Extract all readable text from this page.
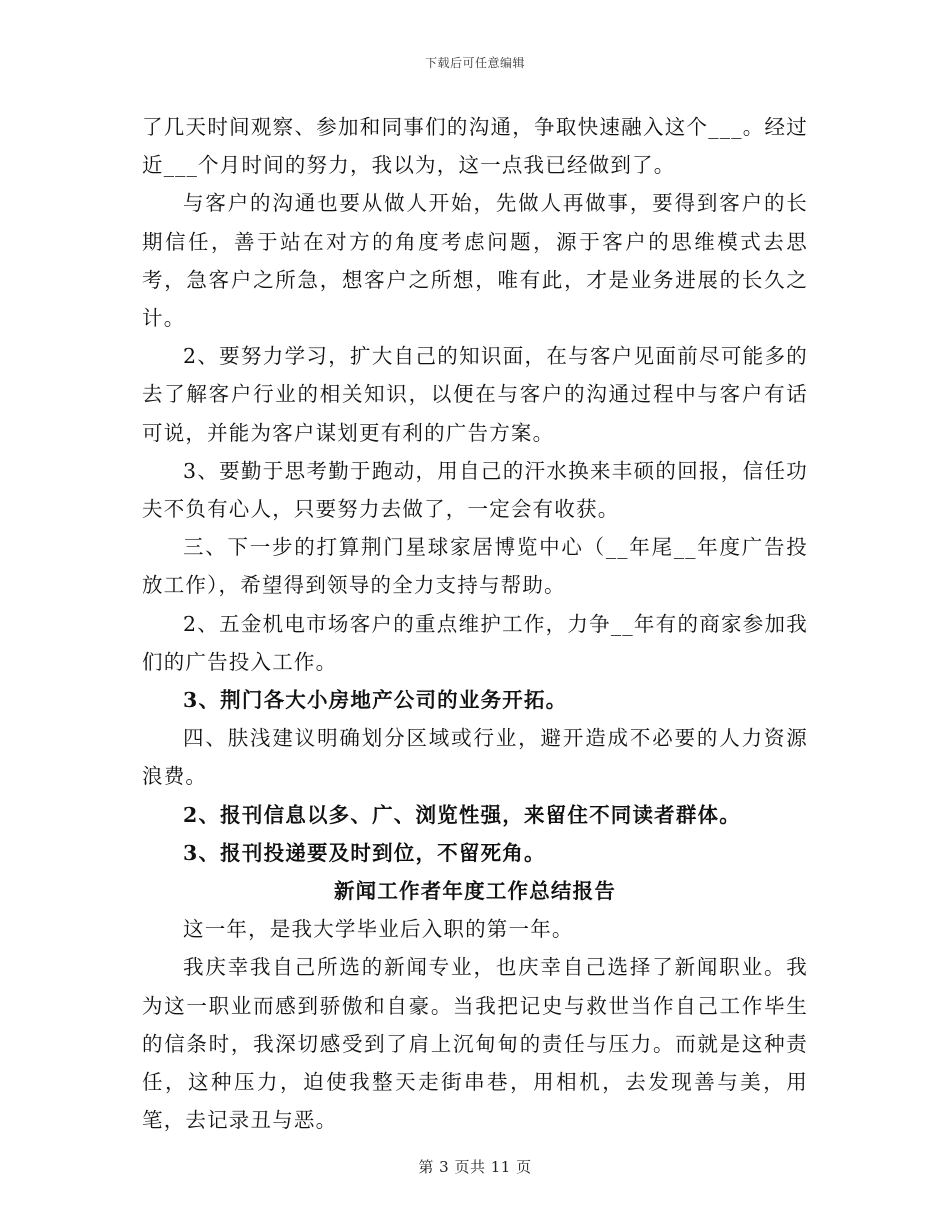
下载后可任意编辑

了几天时间观察、参加和同事们的沟通，争取快速融入这个___。经过近___个月时间的努力，我以为，这一点我已经做到了。

与客户的沟通也要从做人开始，先做人再做事，要得到客户的长期信任，善于站在对方的角度考虑问题，源于客户的思维模式去思考，急客户之所急，想客户之所想，唯有此，才是业务进展的长久之计。

2、要努力学习，扩大自己的知识面，在与客户见面前尽可能多的去了解客户行业的相关知识，以便在与客户的沟通过程中与客户有话可说，并能为客户谋划更有利的广告方案。

3、要勤于思考勤于跑动，用自己的汗水换来丰硕的回报，信任功夫不负有心人，只要努力去做了，一定会有收获。

三、下一步的打算荆门星球家居博览中心（__年尾__年度广告投放工作），希望得到领导的全力支持与帮助。

2、五金机电市场客户的重点维护工作，力争__年有的商家参加我们的广告投入工作。

3、荆门各大小房地产公司的业务开拓。

四、肤浅建议明确划分区域或行业，避开造成不必要的人力资源浪费。

2、报刊信息以多、广、浏览性强，来留住不同读者群体。

3、报刊投递要及时到位，不留死角。

新闻工作者年度工作总结报告

这一年，是我大学毕业后入职的第一年。

我庆幸我自己所选的新闻专业，也庆幸自己选择了新闻职业。我为这一职业而感到骄傲和自豪。当我把记史与救世当作自己工作毕生的信条时，我深切感受到了肩上沉甸甸的责任与压力。而就是这种责任，这种压力，迫使我整天走街串巷，用相机，去发现善与美，用笔，去记录丑与恶。

第 3 页共 11 页
